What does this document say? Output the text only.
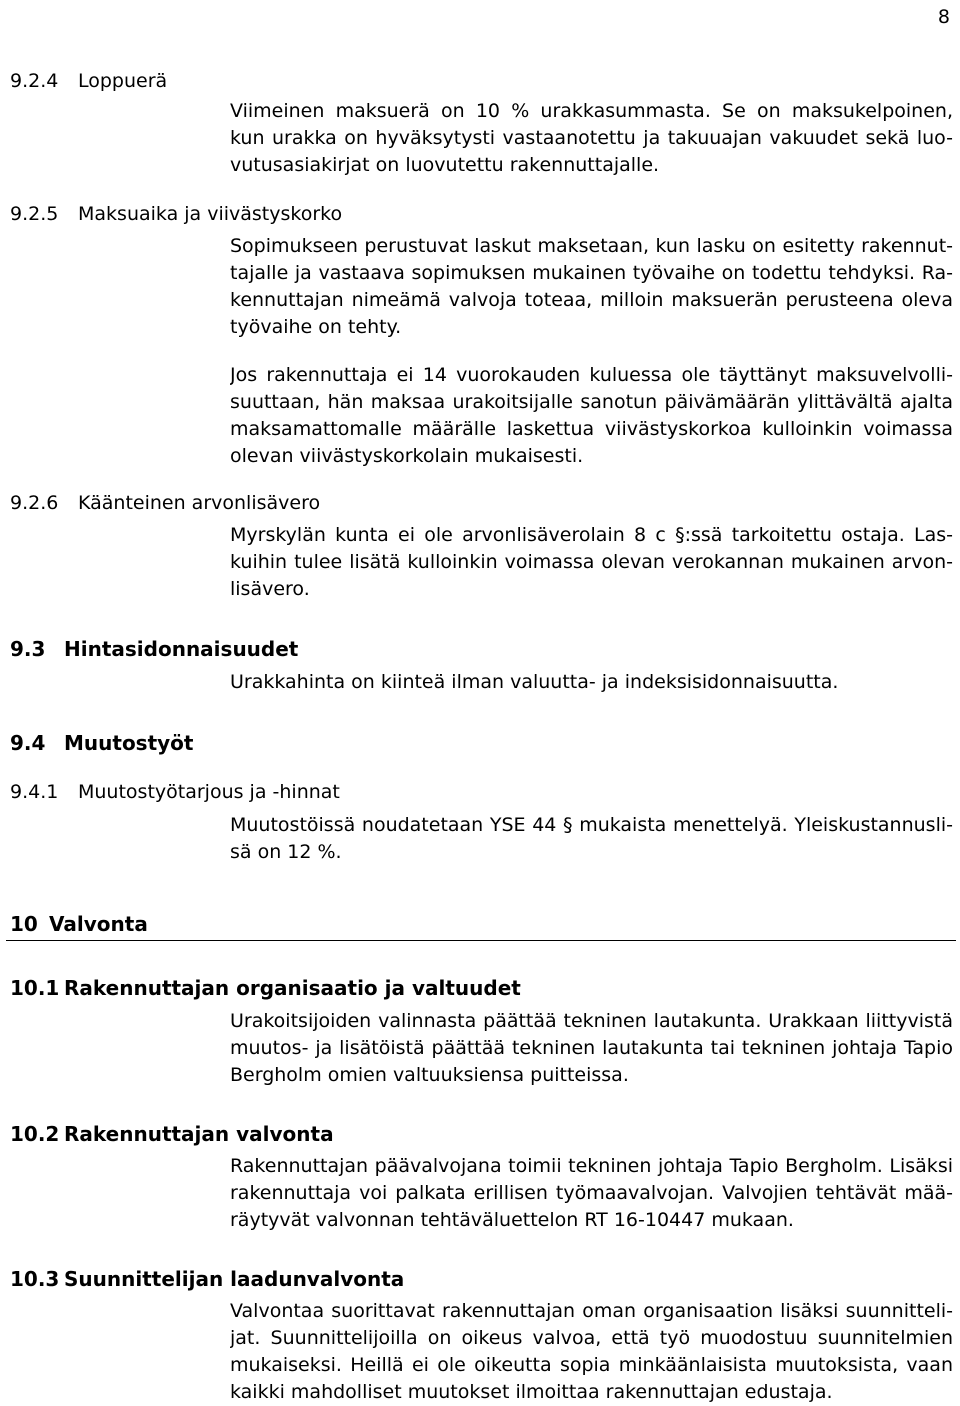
8
9.2.4 Loppuerä
Viimeinen maksuerä on 10 % urakkasummasta. Se on maksukelpoinen,
kun urakka on hyväksytysti vastaanotettu ja takuuajan vakuudet sekä luo-
vutusasiakirjat on luovutettu rakennuttajalle.
9.2.5 Maksuaika ja viivästyskorko
Sopimukseen perustuvat laskut maksetaan, kun lasku on esitetty rakennut-
tajalle ja vastaava sopimuksen mukainen työvaihe on todettu tehdyksi. Ra-
kennuttajan nimeämä valvoja toteaa, milloin maksuerän perusteena oleva
työvaihe on tehty.
Jos rakennuttaja ei 14 vuorokauden kuluessa ole täyttänyt maksuvelvolli-
suuttaan, hän maksaa urakoitsijalle sanotun päivämäärän ylittävältä ajalta
maksamattomalle määrälle laskettua viivästyskorkoa kulloinkin voimassa
olevan viivästyskorkolain mukaisesti.
9.2.6 Käänteinen arvonlisävero
Myrskylän kunta ei ole arvonlisäverolain 8 c §:ssä tarkoitettu ostaja. Las-
kuihin tulee lisätä kulloinkin voimassa olevan verokannan mukainen arvon-
lisävero.
9.3 Hintasidonnaisuudet
Urakkahinta on kiinteä ilman valuutta- ja indeksisidonnaisuutta.
9.4 Muutostyöt
9.4.1 Muutostyötarjous ja -hinnat
Muutostöissä noudatetaan YSE 44 § mukaista menettelyä. Yleiskustannusli-
sä on 12 %.
10 Valvonta
10.1 Rakennuttajan organisaatio ja valtuudet
Urakoitsijoiden valinnasta päättää tekninen lautakunta. Urakkaan liittyvistä
muutos- ja lisätöistä päättää tekninen lautakunta tai tekninen johtaja Tapio
Bergholm omien valtuuksiensa puitteissa.
10.2 Rakennuttajan valvonta
Rakennuttajan päävalvojana toimii tekninen johtaja Tapio Bergholm. Lisäksi
rakennuttaja voi palkata erillisen työmaavalvojan. Valvojien tehtävät mää-
räytyvät valvonnan tehtäväluettelon RT 16-10447 mukaan.
10.3 Suunnittelijan laadunvalvonta
Valvontaa suorittavat rakennuttajan oman organisaation lisäksi suunnitteli-
jat. Suunnittelijoilla on oikeus valvoa, että työ muodostuu suunnitelmien
mukaiseksi. Heillä ei ole oikeutta sopia minkäänlaisista muutoksista, vaan
kaikki mahdolliset muutokset ilmoittaa rakennuttajan edustaja.
